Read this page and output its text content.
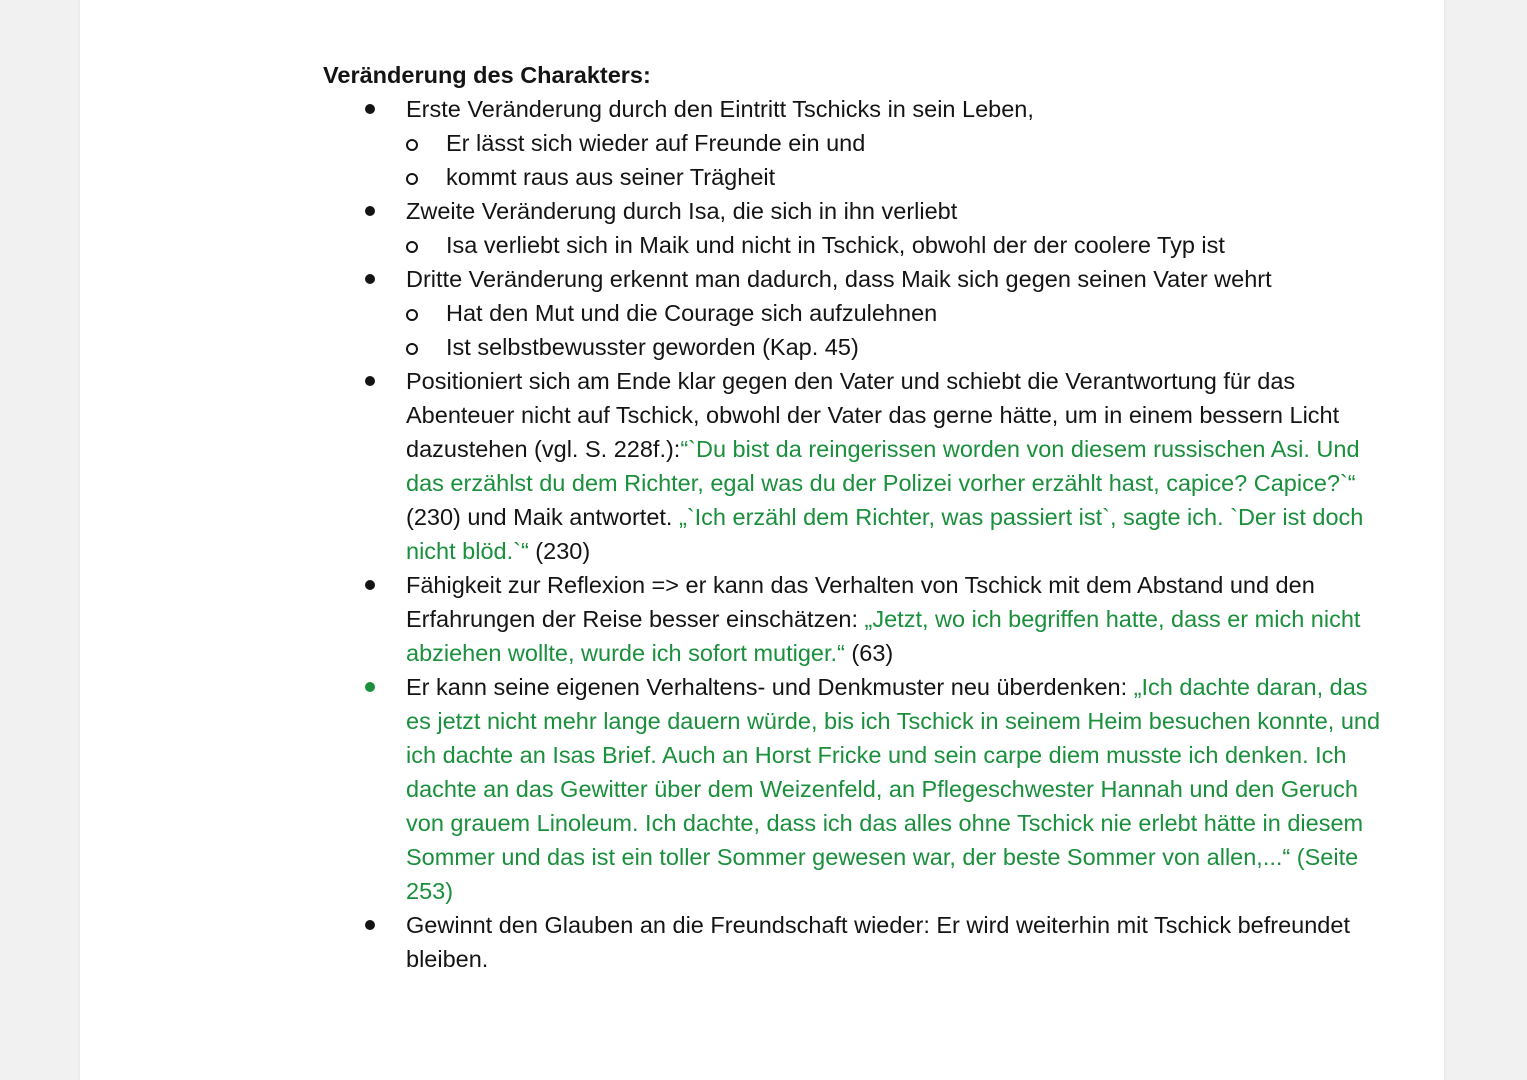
Veränderung des Charakters:

Erste Veränderung durch den Eintritt Tschicks in sein Leben,
Er lässt sich wieder auf Freunde ein und
kommt raus aus seiner Trägheit
Zweite Veränderung durch Isa, die sich in ihn verliebt
Isa verliebt sich in Maik und nicht in Tschick, obwohl der der coolere Typ ist
Dritte Veränderung erkennt man dadurch, dass Maik sich gegen seinen Vater wehrt
Hat den Mut und die Courage sich aufzulehnen
Ist selbstbewusster geworden (Kap. 45)
Positioniert sich am Ende klar gegen den Vater und schiebt die Verantwortung für das Abenteuer nicht auf Tschick, obwohl der Vater das gerne hätte, um in einem bessern Licht dazustehen (vgl. S. 228f.):“`Du bist da reingerissen worden von diesem russischen Asi. Und das erzählst du dem Richter, egal was du der Polizei vorher erzählt hast, capice? Capice?`“ (230) und Maik antwortet. „`Ich erzähl dem Richter, was passiert ist`, sagte ich. `Der ist doch nicht blöd.`“ (230)
Fähigkeit zur Reflexion => er kann das Verhalten von Tschick mit dem Abstand und den Erfahrungen der Reise besser einschätzen: „Jetzt, wo ich begriffen hatte, dass er mich nicht abziehen wollte, wurde ich sofort mutiger.“ (63)
Er kann seine eigenen Verhaltens- und Denkmuster neu überdenken: „Ich dachte daran, das es jetzt nicht mehr lange dauern würde, bis ich Tschick in seinem Heim besuchen konnte, und ich dachte an Isas Brief. Auch an Horst Fricke und sein carpe diem musste ich denken. Ich dachte an das Gewitter über dem Weizenfeld, an Pflegeschwester Hannah und den Geruch von grauem Linoleum. Ich dachte, dass ich das alles ohne Tschick nie erlebt hätte in diesem Sommer und das ist ein toller Sommer gewesen war, der beste Sommer von allen,...“ (Seite 253)
Gewinnt den Glauben an die Freundschaft wieder: Er wird weiterhin mit Tschick befreundet bleiben.
